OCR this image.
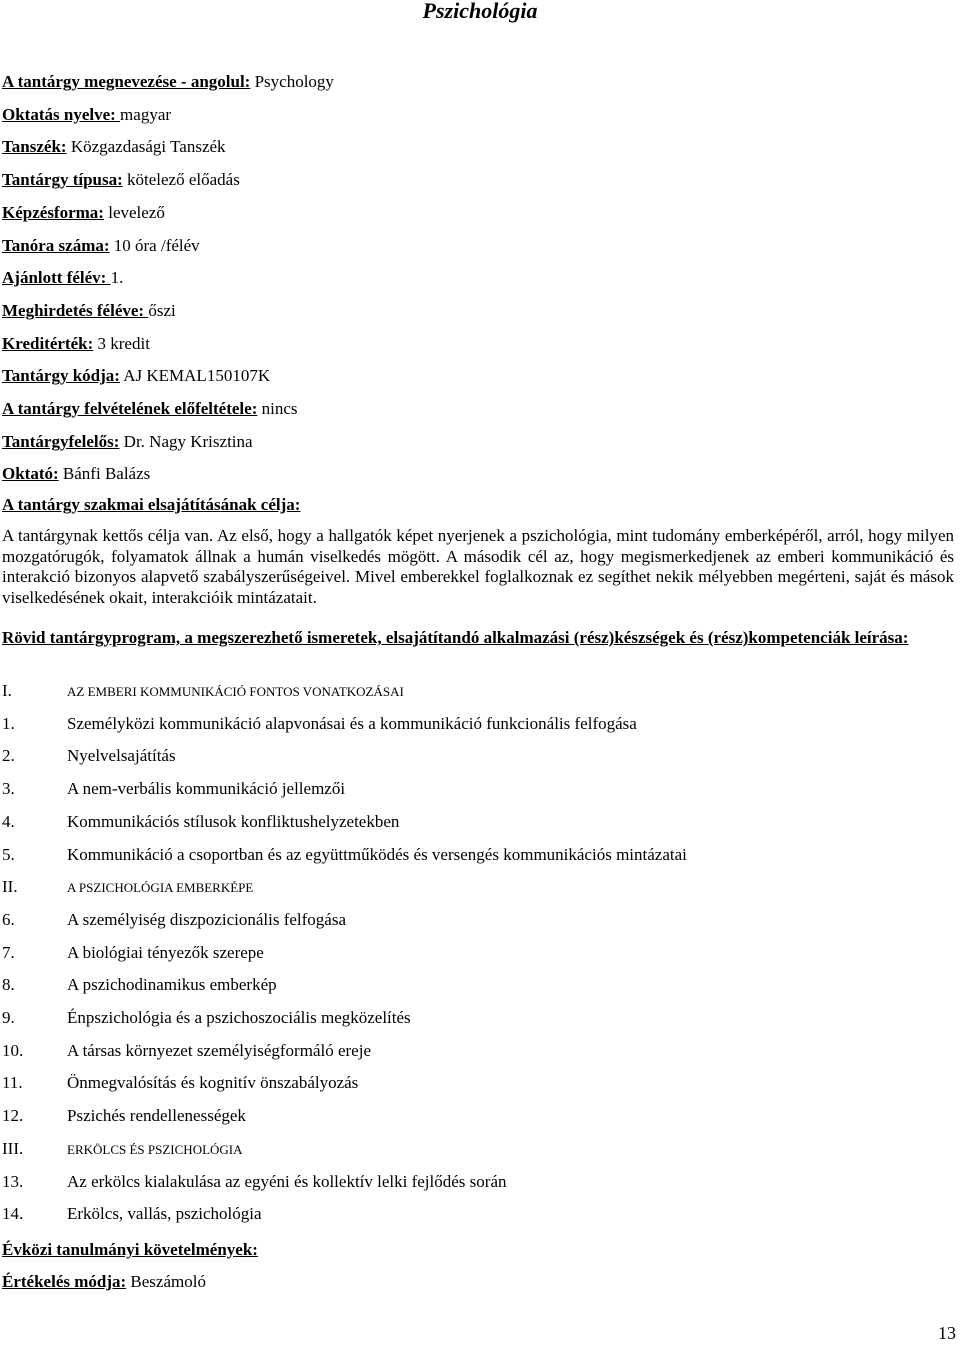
Pszichológia
A tantárgy megnevezése - angolul: Psychology
Oktatás nyelve: magyar
Tanszék: Közgazdasági Tanszék
Tantárgy típusa: kötelező előadás
Képzésforma: levelező
Tanóra száma: 10 óra /félév
Ajánlott félév: 1.
Meghirdetés féléve: őszi
Kreditérték: 3 kredit
Tantárgy kódja: AJ KEMAL150107K
A tantárgy felvételének előfeltétele: nincs
Tantárgyfelelős: Dr. Nagy Krisztina
Oktató: Bánfi Balázs
A tantárgy szakmai elsajátításának célja:

A tantárgynak kettős célja van. Az első, hogy a hallgatók képet nyerjenek a pszichológia, mint tudomány emberképéről, arról, hogy milyen mozgatórugók, folyamatok állnak a humán viselkedés mögött. A második cél az, hogy megismerkedjenek az emberi kommunikáció és interakció bizonyos alapvető szabályszerűségeivel. Mivel emberekkel foglalkoznak ez segíthet nekik mélyebben megérteni, saját és mások viselkedésének okait, interakcióik mintázatait.

Rövid tantárgyprogram, a megszerezhető ismeretek, elsajátítandó alkalmazási (rész)készségek és (rész)kompetenciák leírása:

I.	AZ EMBERI KOMMUNIKÁCIÓ FONTOS VONATKOZÁSAI
1.	Személyközi kommunikáció alapvonásai és a kommunikáció funkcionális felfogása
2.	Nyelvelsajátítás
3.	A nem-verbális kommunikáció jellemzői
4.	Kommunikációs stílusok konfliktushelyzetekben
5.	Kommunikáció a csoportban és az együttműködés és versengés kommunikációs mintázatai
II.	A PSZICHOLÓGIA EMBERKÉPE
6.	A személyiség diszpozicionális felfogása
7.	A biológiai tényezők szerepe
8.	A pszichodinamikus emberkép
9.	Énpszichológia és a pszichoszociális megközelítés
10.	A társas környezet személyiségformáló ereje
11.	Önmegvalósítás és kognitív önszabályozás
12.	Pszichés rendellenességek
III.	ERKÖLCS ÉS PSZICHOLÓGIA
13.	Az erkölcs kialakulása az egyéni és kollektív lelki fejlődés során
14.	Erkölcs, vallás, pszichológia
Évközi tanulmányi követelmények:
Értékelés módja: Beszámoló
13
